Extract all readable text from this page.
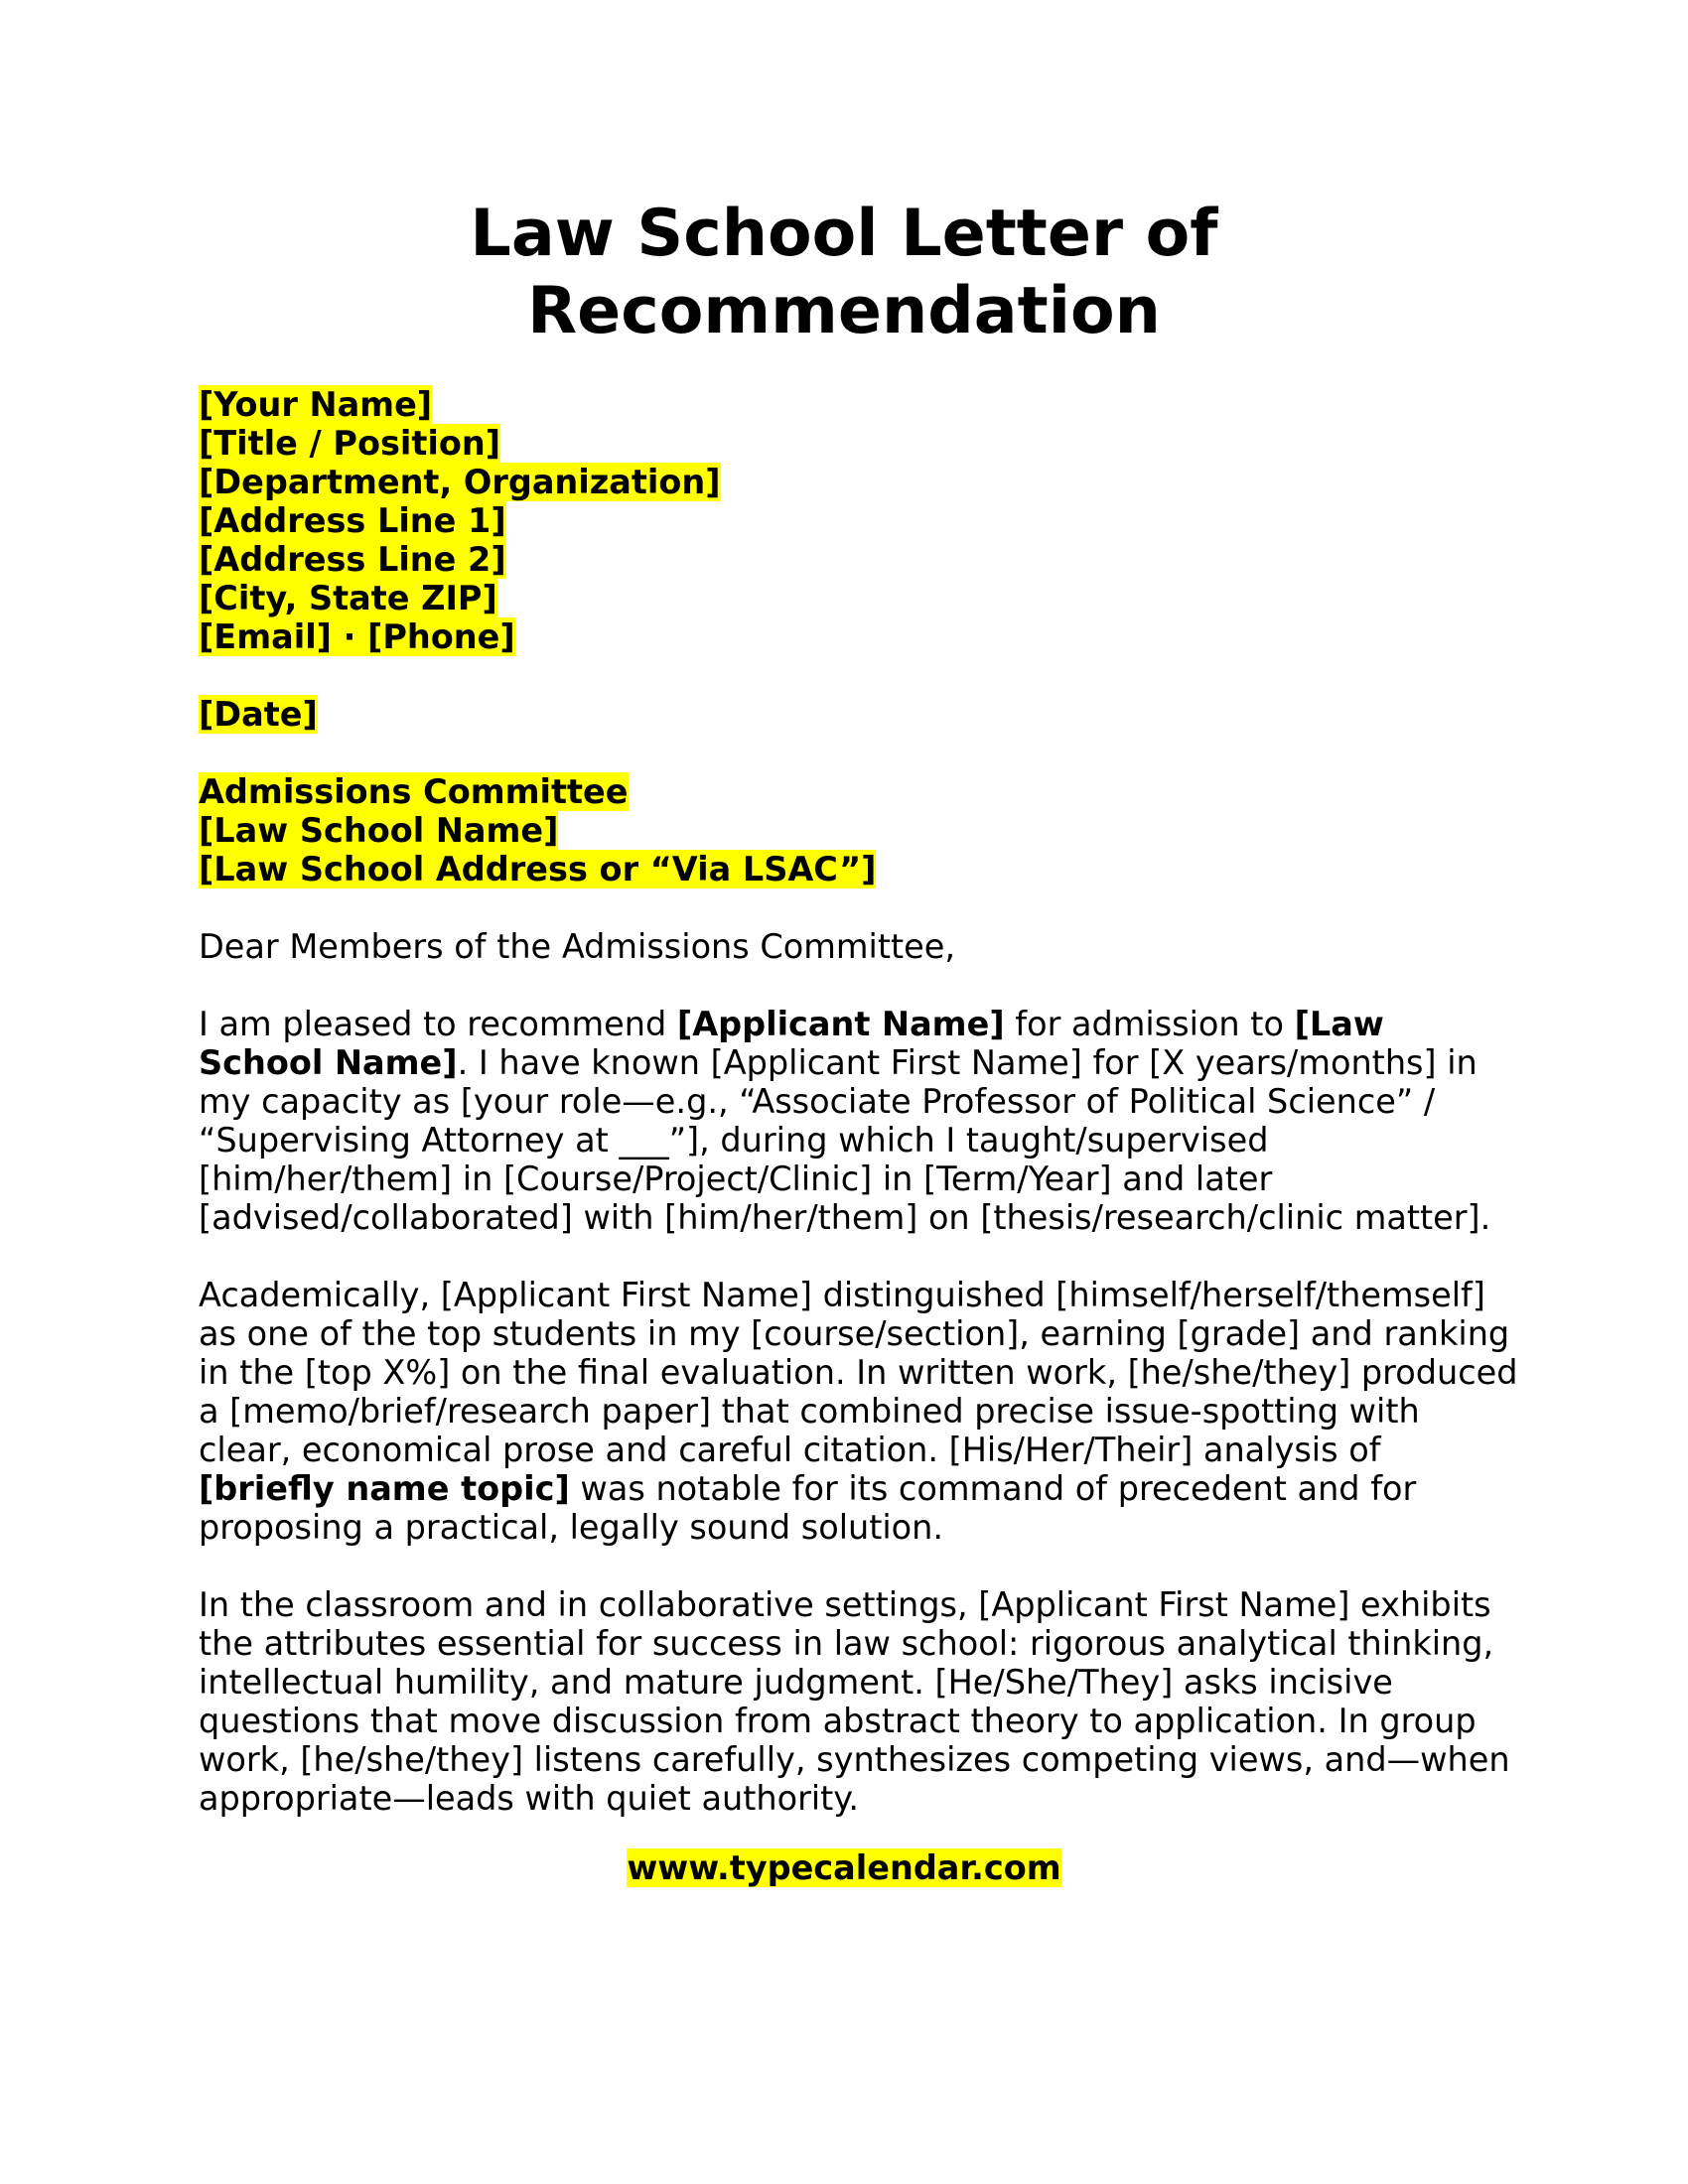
Law School Letter of
Recommendation
[Your Name]
[Title / Position]
[Department, Organization]
[Address Line 1]
[Address Line 2]
[City, State ZIP]
[Email] · [Phone]
[Date]
Admissions Committee
[Law School Name]
[Law School Address or “Via LSAC”]

Dear Members of the Admissions Committee,

I am pleased to recommend [Applicant Name] for admission to [Law School Name]. I have known [Applicant First Name] for [X years/months] in my capacity as [your role—e.g., “Associate Professor of Political Science” / “Supervising Attorney at ___”], during which I taught/supervised [him/her/them] in [Course/Project/Clinic] in [Term/Year] and later [advised/collaborated] with [him/her/them] on [thesis/research/clinic matter].

Academically, [Applicant First Name] distinguished [himself/herself/themself] as one of the top students in my [course/section], earning [grade] and ranking in the [top X%] on the final evaluation. In written work, [he/she/they] produced a [memo/brief/research paper] that combined precise issue-spotting with clear, economical prose and careful citation. [His/Her/Their] analysis of [briefly name topic] was notable for its command of precedent and for proposing a practical, legally sound solution.

In the classroom and in collaborative settings, [Applicant First Name] exhibits the attributes essential for success in law school: rigorous analytical thinking, intellectual humility, and mature judgment. [He/She/They] asks incisive questions that move discussion from abstract theory to application. In group work, [he/she/they] listens carefully, synthesizes competing views, and—when appropriate—leads with quiet authority.

www.typecalendar.com
